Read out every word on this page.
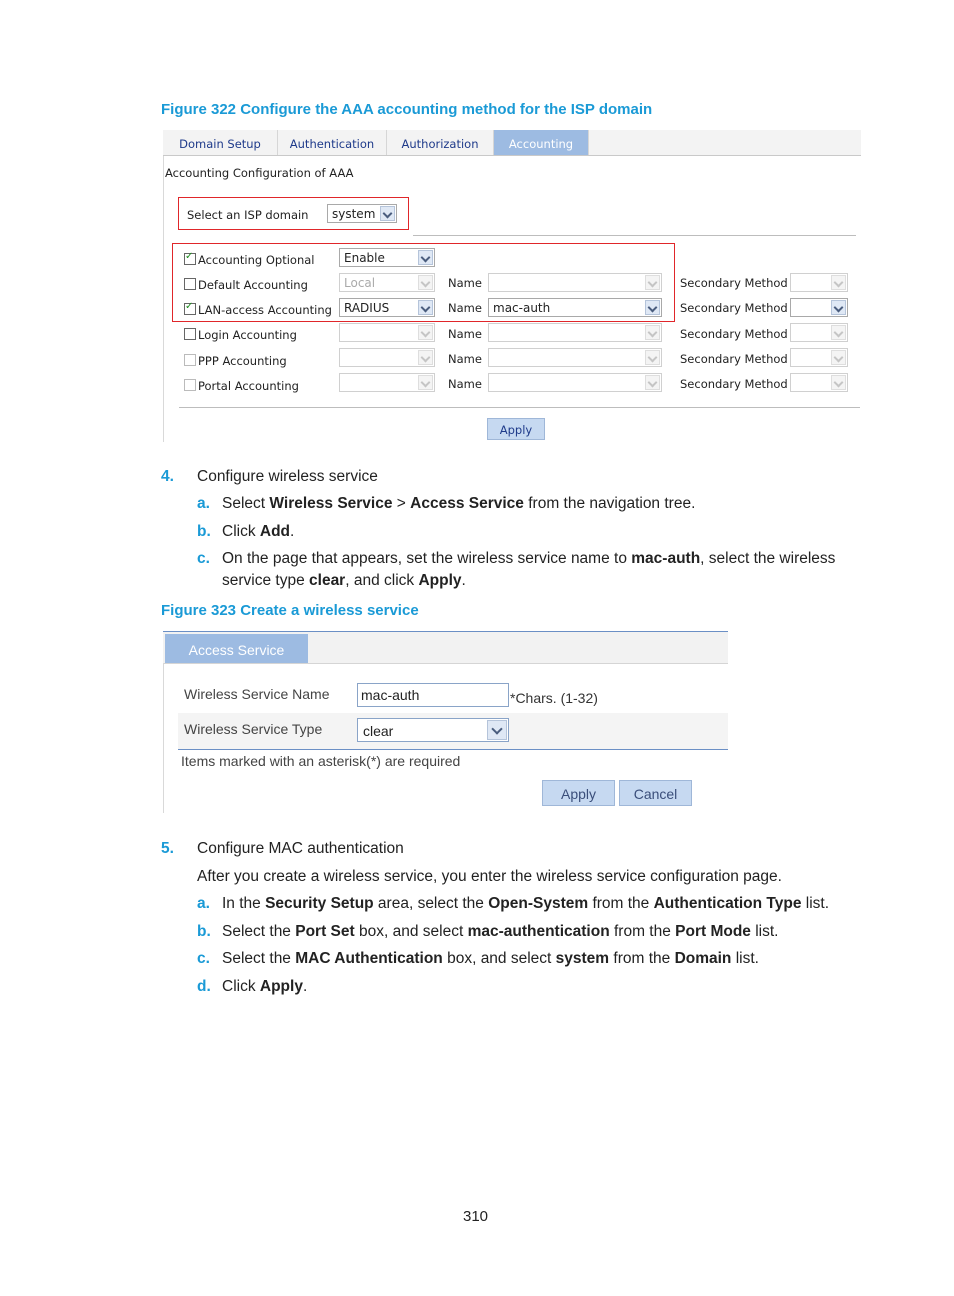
Figure 322 Configure the AAA accounting method for the ISP domain
Domain Setup	Authentication	Authorization	Accounting
Accounting Configuration of AAA
Select an ISP domain system
✓
Accounting Optional Enable
Default Accounting	Local	Name	Secondary Method
✓
LAN-access Accounting RADIUS	Name mac-auth	Secondary Method
Login Accounting	Name	Secondary Method
PPP Accounting	Name	Secondary Method
Portal Accounting	Name	Secondary Method
Apply
4. Configure wireless service
a. Select Wireless Service > Access Service from the navigation tree.
b. Click Add.
c. On the page that appears, set the wireless service name to mac-auth, select the wireless
service type clear, and click Apply.
Figure 323 Create a wireless service
Access Service
Wireless Service Name mac-auth	*Chars. (1-32)
Wireless Service Type	clear
Items marked with an asterisk(*) are required
Apply	Cancel
5. Configure MAC authentication
After you create a wireless service, you enter the wireless service configuration page.
a. In the Security Setup area, select the Open-System from the Authentication Type list.
b. Select the Port Set box, and select mac-authentication from the Port Mode list.
c. Select the MAC Authentication box, and select system from the Domain list.
d. Click Apply.
310
